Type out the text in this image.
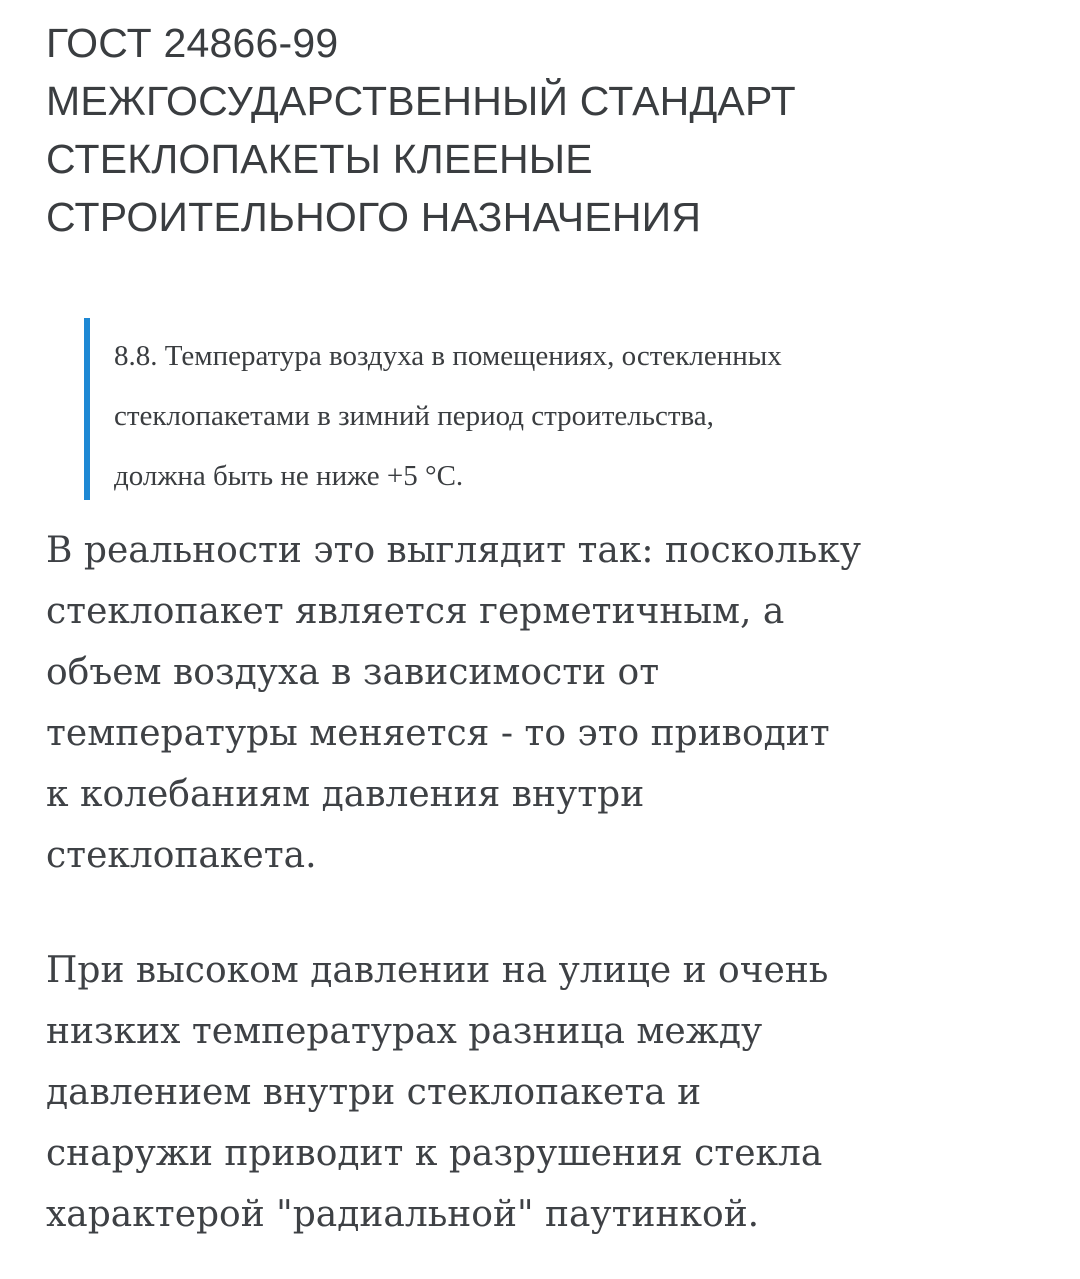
ГОСТ 24866-99
МЕЖГОСУДАРСТВЕННЫЙ СТАНДАРТ
СТЕКЛОПАКЕТЫ КЛЕЕНЫЕ
СТРОИТЕЛЬНОГО НАЗНАЧЕНИЯ

8.8. Температура воздуха в помещениях, остекленных
стеклопакетами в зимний период строительства,
должна быть не ниже +5 °C.

В реальности это выглядит так: поскольку
стеклопакет является герметичным, а
объем воздуха в зависимости от
температуры меняется - то это приводит
к колебаниям давления внутри
стеклопакета.

При высоком давлении на улице и очень
низких температурах разница между
давлением внутри стеклопакета и
снаружи приводит к разрушения стекла
характерой "радиальной" паутинкой.
